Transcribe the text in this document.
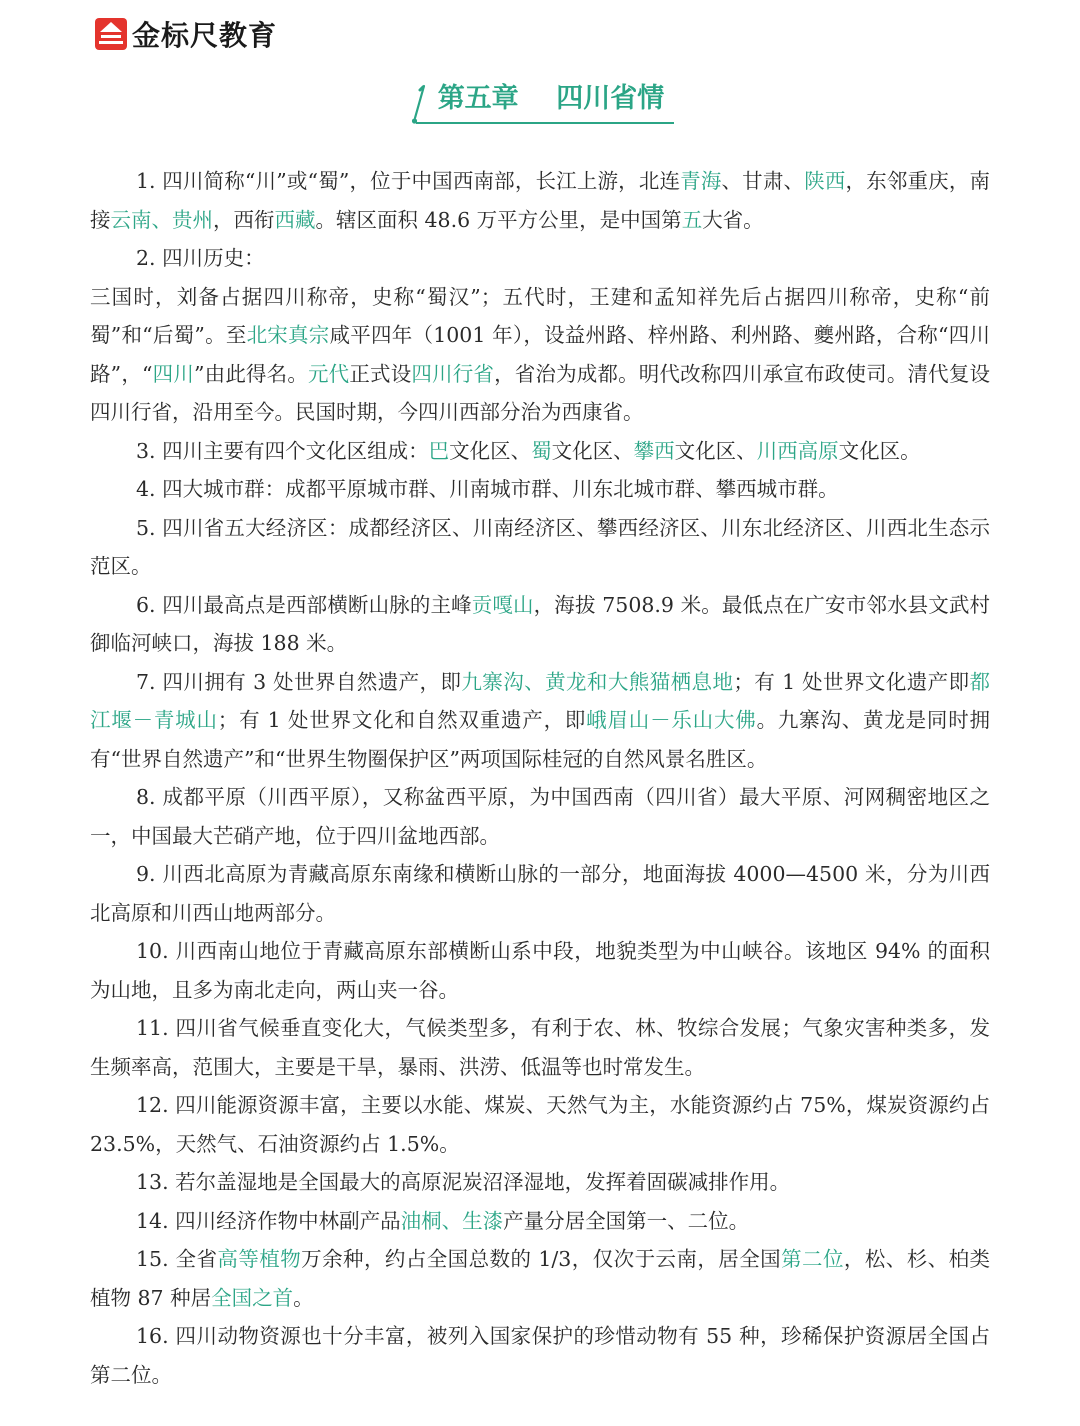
金标尺教育
第五章    四川省情

1. 四川简称“川”或“蜀”，位于中国西南部，长江上游，北连青海、甘肃、陕西，东邻重庆，南接云南、贵州，西衔西藏。辖区面积 48.6 万平方公里，是中国第五大省。

2. 四川历史：

三国时，刘备占据四川称帝，史称“蜀汉”；五代时，王建和孟知祥先后占据四川称帝，史称“前蜀”和“后蜀”。至北宋真宗咸平四年（1001 年），设益州路、梓州路、利州路、夔州路，合称“四川路”，“四川”由此得名。元代正式设四川行省，省治为成都。明代改称四川承宣布政使司。清代复设四川行省，沿用至今。民国时期，今四川西部分治为西康省。

3. 四川主要有四个文化区组成：巴文化区、蜀文化区、攀西文化区、川西高原文化区。

4. 四大城市群：成都平原城市群、川南城市群、川东北城市群、攀西城市群。

5. 四川省五大经济区：成都经济区、川南经济区、攀西经济区、川东北经济区、川西北生态示范区。

6. 四川最高点是西部横断山脉的主峰贡嘎山，海拔 7508.9 米。最低点在广安市邻水县文武村御临河峡口，海拔 188 米。

7. 四川拥有 3 处世界自然遗产，即九寨沟、黄龙和大熊猫栖息地；有 1 处世界文化遗产即都江堰－青城山；有 1 处世界文化和自然双重遗产，即峨眉山－乐山大佛。九寨沟、黄龙是同时拥有“世界自然遗产”和“世界生物圈保护区”两项国际桂冠的自然风景名胜区。

8. 成都平原（川西平原），又称盆西平原，为中国西南（四川省）最大平原、河网稠密地区之一，中国最大芒硝产地，位于四川盆地西部。

9. 川西北高原为青藏高原东南缘和横断山脉的一部分，地面海拔 4000—4500 米，分为川西北高原和川西山地两部分。

10. 川西南山地位于青藏高原东部横断山系中段，地貌类型为中山峡谷。该地区 94% 的面积为山地，且多为南北走向，两山夹一谷。

11. 四川省气候垂直变化大，气候类型多，有利于农、林、牧综合发展；气象灾害种类多，发生频率高，范围大，主要是干旱，暴雨、洪涝、低温等也时常发生。

12. 四川能源资源丰富，主要以水能、煤炭、天然气为主，水能资源约占 75%，煤炭资源约占 23.5%，天然气、石油资源约占 1.5%。

13. 若尔盖湿地是全国最大的高原泥炭沼泽湿地，发挥着固碳减排作用。

14. 四川经济作物中林副产品油桐、生漆产量分居全国第一、二位。

15. 全省高等植物万余种，约占全国总数的 1/3，仅次于云南，居全国第二位，松、杉、柏类植物 87 种居全国之首。

16. 四川动物资源也十分丰富，被列入国家保护的珍惜动物有 55 种，珍稀保护资源居全国占第二位。
